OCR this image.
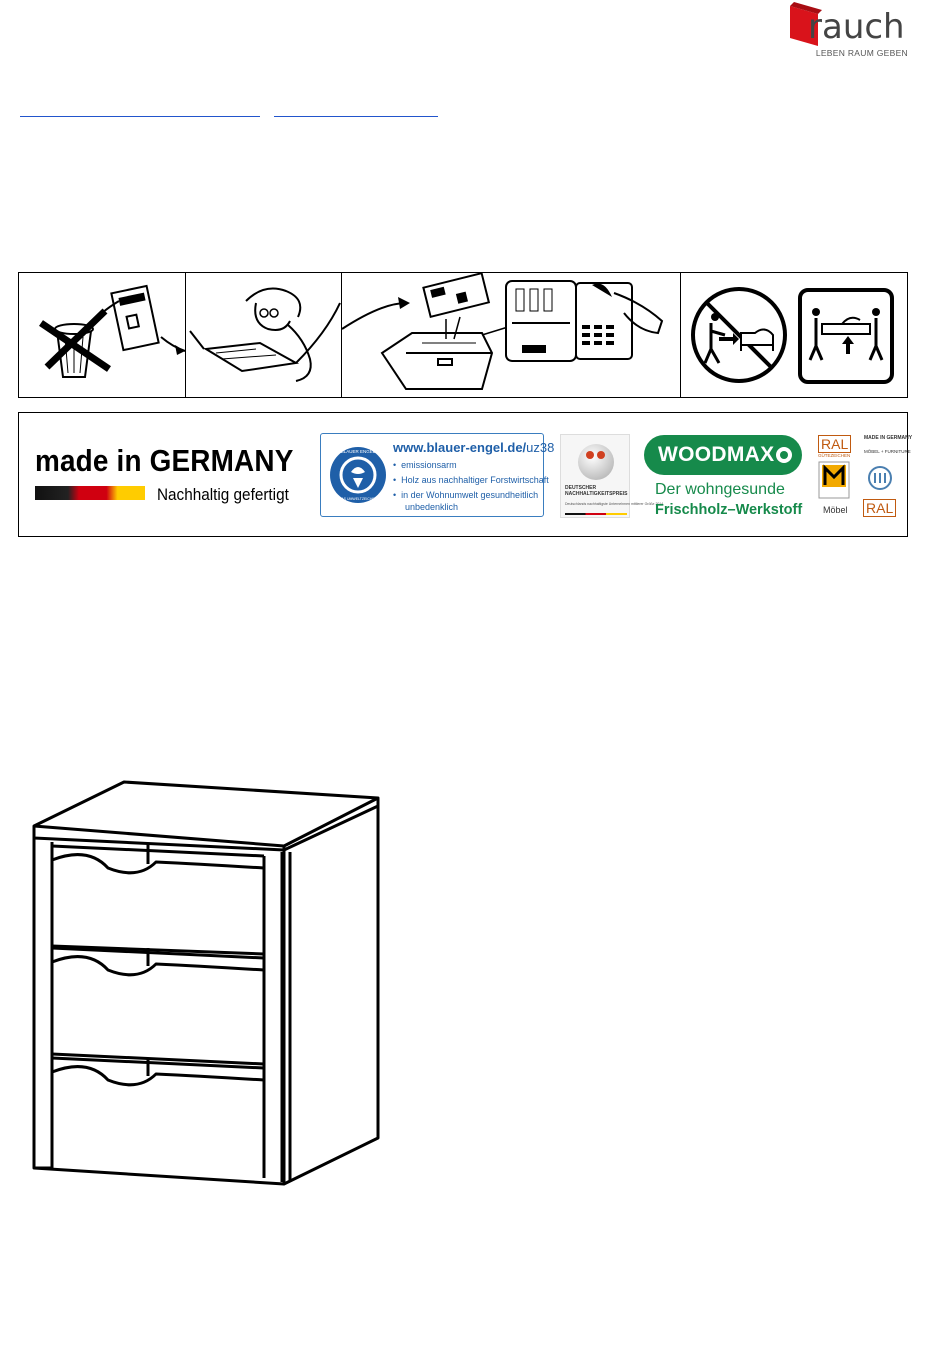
rauch
LEBEN RAUM GEBEN
made in GERMANY
Nachhaltig gefertigt
BLAUER ENGEL
DAS UMWELTZEICHEN
www.blauer-engel.de/uz38
•  emissionsarm
•  Holz aus nachhaltiger Forstwirtschaft
•  in der Wohnumwelt gesundheitlich
unbedenklich
DEUTSCHER NACHHALTIGKEITSPREIS
Deutschlands nachhaltigste Unternehmen mittlerer Größe 2014
WOODMAX
Der wohngesunde
Frischholz–Werkstoff
RAL
GÜTEZEICHEN
Möbel
MADE IN GERMANY
MÖBEL + FURNITURE
RAL
